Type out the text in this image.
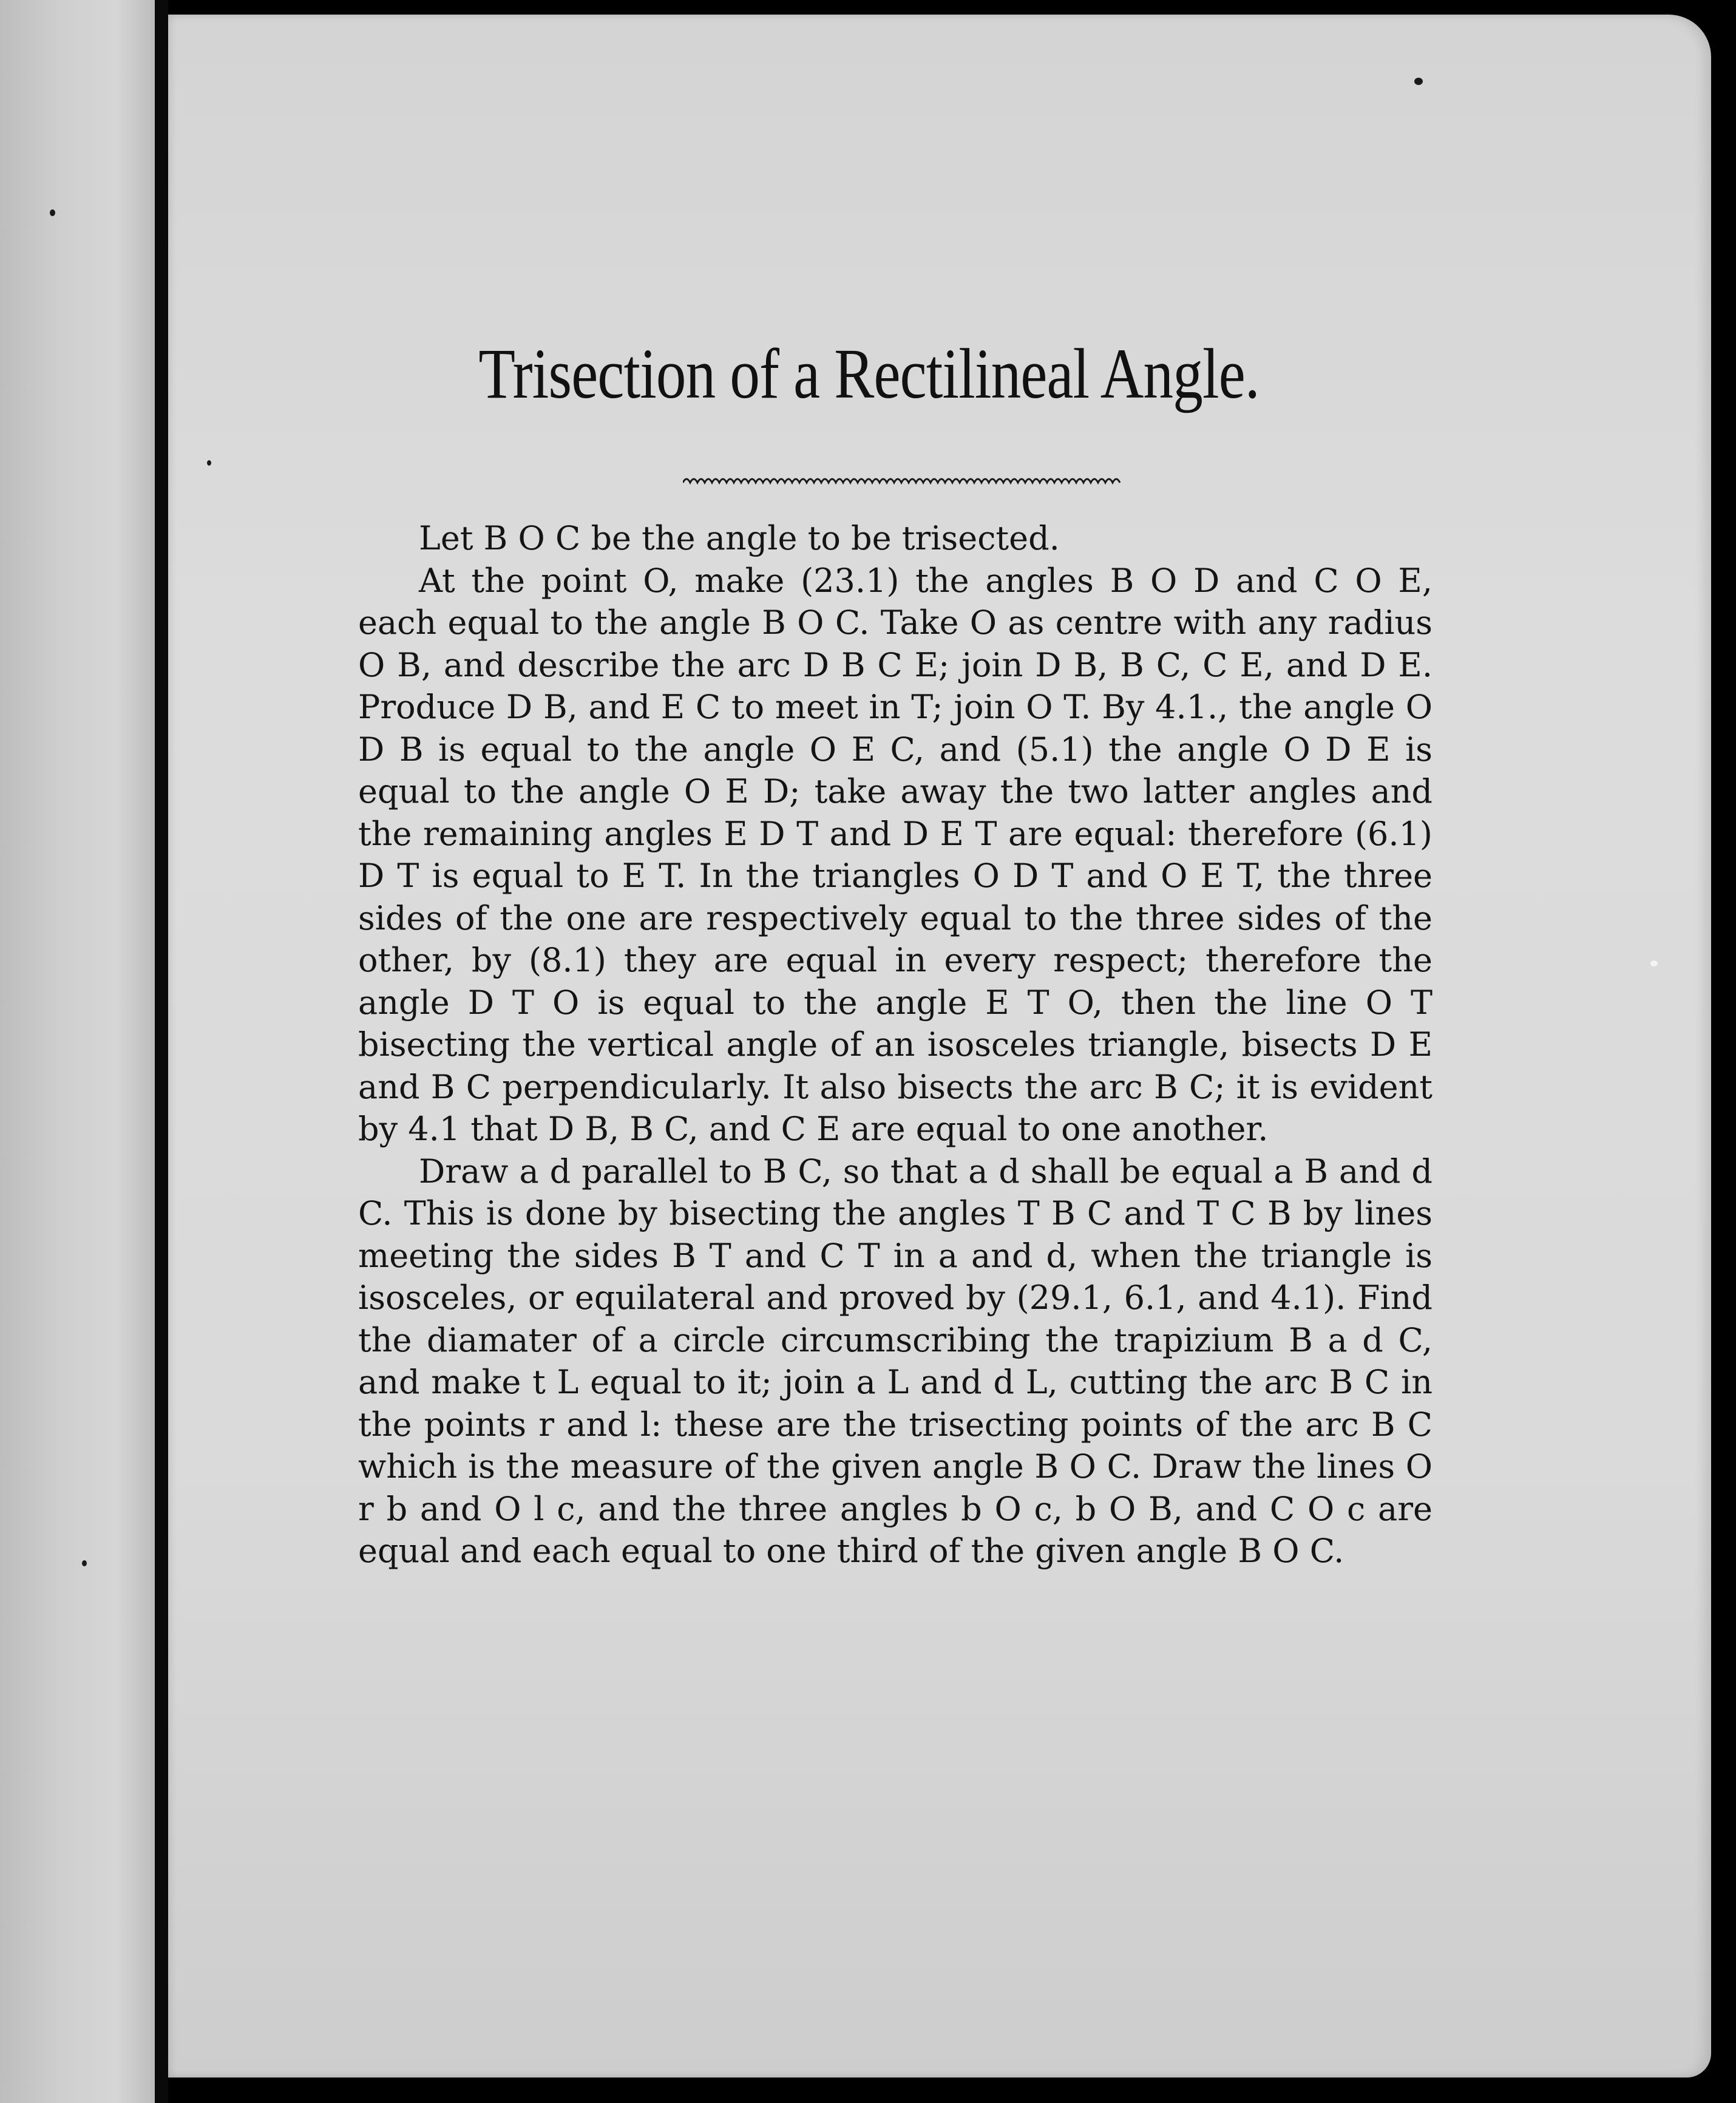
Trisection of a Rectilineal Angle.

Let B O C be the angle to be trisected.

At the point O, make (23.1) the angles B O D and C O E, each equal to the angle B O C. Take O as centre with any radius O B, and describe the arc D B C E; join D B, B C, C E, and D E. Produce D B, and E C to meet in T; join O T. By 4.1., the angle O D B is equal to the angle O E C, and (5.1) the angle O D E is equal to the angle O E D; take away the two latter angles and the remaining angles E D T and D E T are equal: therefore (6.1) D T is equal to E T. In the triangles O D T and O E T, the three sides of the one are respectively equal to the three sides of the other, by (8.1) they are equal in every respect; therefore the angle D T O is equal to the angle E T O, then the line O T bisecting the vertical angle of an isosceles triangle, bisects D E and B C perpendicularly. It also bisects the arc B C; it is evident by 4.1 that D B, B C, and C E are equal to one another.

Draw a d parallel to B C, so that a d shall be equal a B and d C. This is done by bisecting the angles T B C and T C B by lines meeting the sides B T and C T in a and d, when the triangle is isosceles, or equilateral and proved by (29.1, 6.1, and 4.1). Find the diamater of a circle circumscribing the trapizium B a d C, and make t L equal to it; join a L and d L, cutting the arc B C in the points r and l: these are the trisecting points of the arc B C which is the measure of the given angle B O C. Draw the lines O r b and O l c, and the three angles b O c, b O B, and C O c are equal and each equal to one third of the given angle B O C.
